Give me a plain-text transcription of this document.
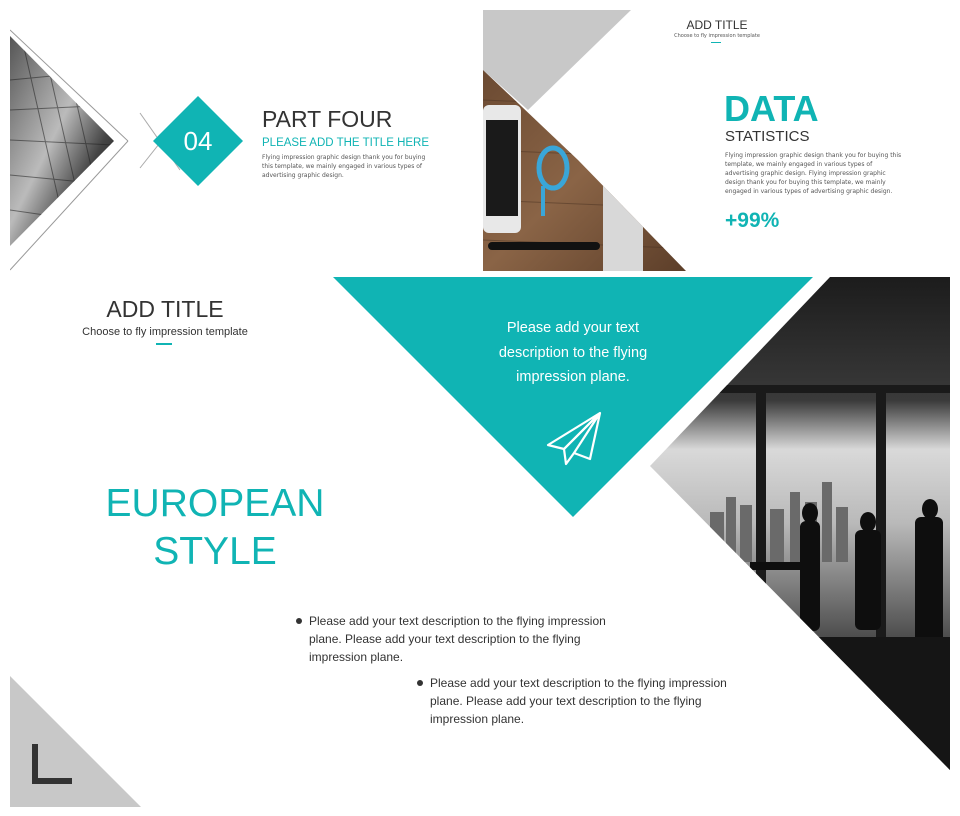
04
PART FOUR
PLEASE ADD THE TITLE HERE
Flying impression graphic design thank you for buying this template, we mainly engaged in various types of advertising graphic design.
ADD TITLE
Choose to fly impression template
DATA
STATISTICS
Flying impression graphic design thank you for buying this template, we mainly engaged in various types of advertising graphic design. Flying impression graphic design thank you for buying this template, we mainly engaged in various types of advertising graphic design.
+99%
ADD TITLE
Choose to fly impression template	Please add your text description to the flying impression plane.
EUROPEAN
STYLE
Please add your text description to the flying impression plane. Please add your text description to the flying impression plane.
Please add your text description to the flying impression plane. Please add your text description to the flying impression plane.
